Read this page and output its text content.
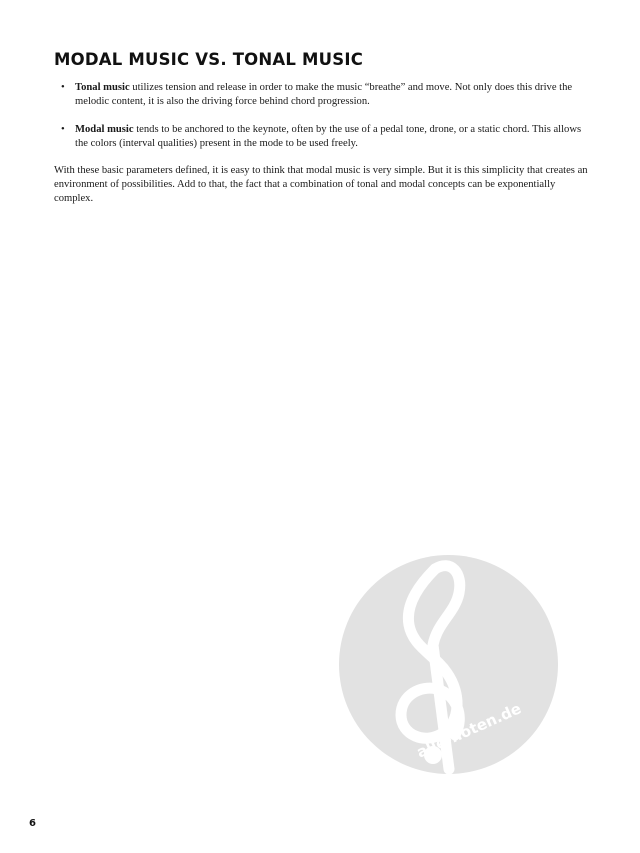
MODAL MUSIC VS. TONAL MUSIC
• Tonal music utilizes tension and release in order to make the music “breathe” and move. Not only does this drive the melodic content, it is also the driving force behind chord progression.
• Modal music tends to be anchored to the keynote, often by the use of a pedal tone, drone, or a static chord. This allows the colors (interval qualities) present in the mode to be used freely.

With these basic parameters defined, it is easy to think that modal music is very simple. But it is this simplicity that creates an environment of possibilities. Add to that, the fact that a combination of tonal and modal concepts can be exponentially complex.

alle-noten.de

6
